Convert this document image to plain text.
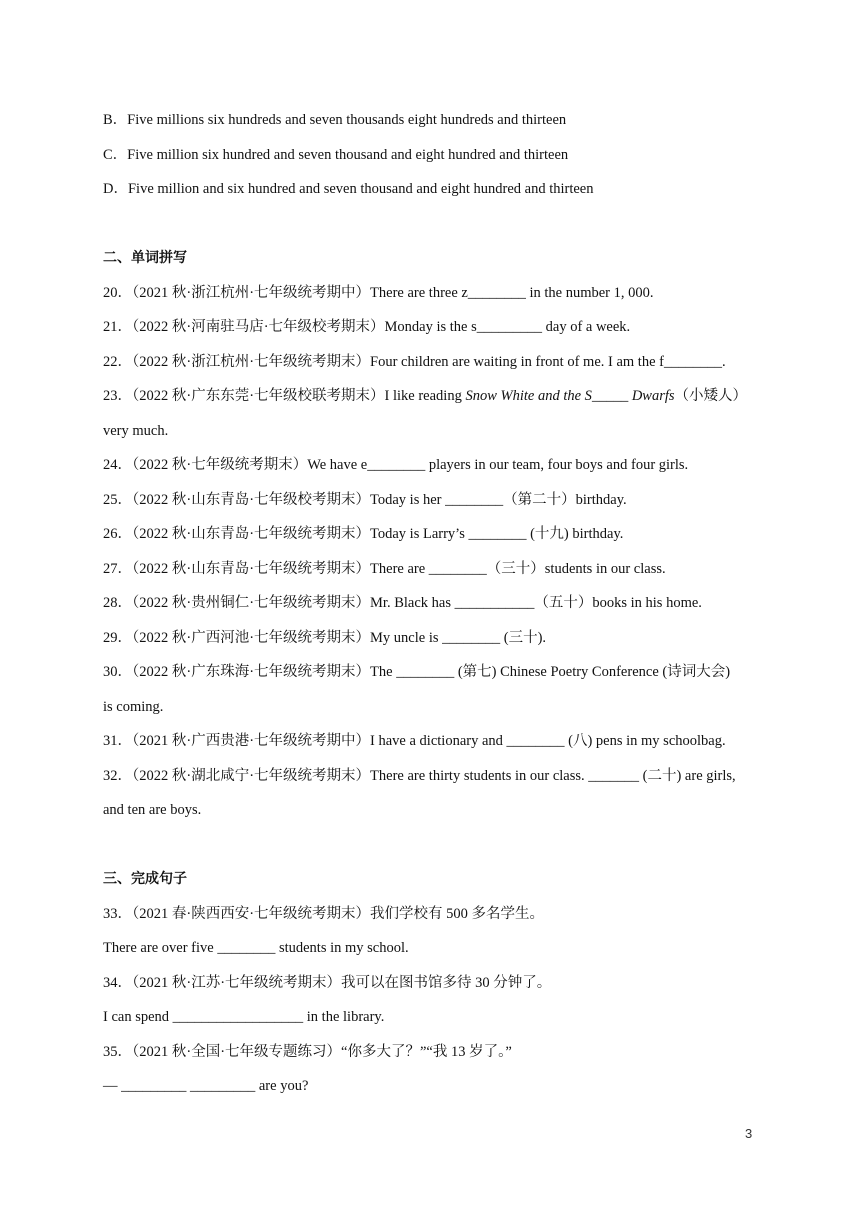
B．Five millions six hundreds and seven thousands eight hundreds and thirteen
C．Five million six hundred and seven thousand and eight hundred and thirteen
D．Five million and six hundred and seven thousand and eight hundred and thirteen
二、单词拼写
20．（2021 秋·浙江杭州·七年级统考期中）There are three z________ in the number 1, 000.
21．（2022 秋·河南驻马店·七年级校考期末）Monday is the s_________ day of a week.
22．（2022 秋·浙江杭州·七年级统考期末）Four children are waiting in front of me. I am the f________.
23．（2022 秋·广东东莞·七年级校联考期末）I like reading Snow White and the S_____ Dwarfs（小矮人）
very much.
24．（2022 秋·七年级统考期末）We have e________ players in our team, four boys and four girls.
25．（2022 秋·山东青岛·七年级校考期末）Today is her ________（第二十）birthday.
26．（2022 秋·山东青岛·七年级统考期末）Today is Larry’s ________ (十九) birthday.
27．（2022 秋·山东青岛·七年级统考期末）There are ________（三十）students in our class.
28．（2022 秋·贵州铜仁·七年级统考期末）Mr. Black has ___________（五十）books in his home.
29．（2022 秋·广西河池·七年级统考期末）My uncle is ________ (三十).
30．（2022 秋·广东珠海·七年级统考期末）The ________ (第七) Chinese Poetry Conference (诗词大会)
is coming.
31．（2021 秋·广西贵港·七年级统考期中）I have a dictionary and ________ (八) pens in my schoolbag.
32．（2022 秋·湖北咸宁·七年级统考期末）There are thirty students in our class. _______ (二十) are girls,
and ten are boys.
三、完成句子
33．（2021 春·陕西西安·七年级统考期末）我们学校有 500 多名学生。
There are over five ________ students in my school.
34．（2021 秋·江苏·七年级统考期末）我可以在图书馆多待 30 分钟了。
I can spend __________________ in the library.
35．（2021 秋·全国·七年级专题练习）“你多大了？”“我 13 岁了。”
— _________ _________ are you?
3
